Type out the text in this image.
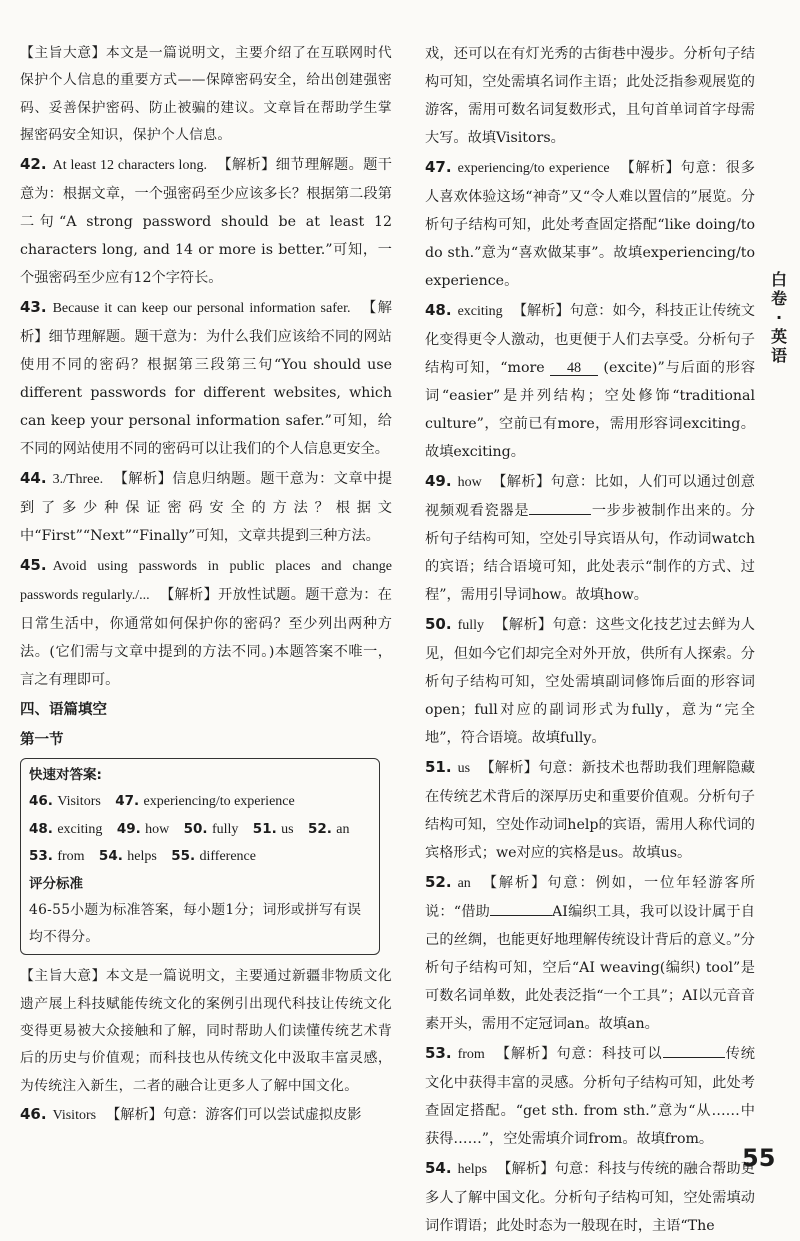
【主旨大意】本文是一篇说明文，主要介绍了在互联网时代保护个人信息的重要方式——保障密码安全，给出创建强密码、妥善保护密码、防止被骗的建议。文章旨在帮助学生掌握密码安全知识，保护个人信息。
42. At least 12 characters long. 【解析】细节理解题。题干意为：根据文章，一个强密码至少应该多长？根据第二段第二句“A strong password should be at least 12 characters long, and 14 or more is better.”可知，一个强密码至少应有12个字符长。
43. Because it can keep our personal information safer. 【解析】细节理解题。题干意为：为什么我们应该给不同的网站使用不同的密码？根据第三段第三句“You should use different passwords for different websites, which can keep your personal information safer.”可知，给不同的网站使用不同的密码可以让我们的个人信息更安全。
44. 3./Three. 【解析】信息归纳题。题干意为：文章中提到了多少种保证密码安全的方法？根据文中“First”“Next”“Finally”可知，文章共提到三种方法。
45. Avoid using passwords in public places and change passwords regularly./... 【解析】开放性试题。题干意为：在日常生活中，你通常如何保护你的密码？至少列出两种方法。(它们需与文章中提到的方法不同。)本题答案不唯一，言之有理即可。
四、语篇填空
第一节
快速对答案:
46. Visitors 47. experiencing/to experience
48. exciting 49. how 50. fully 51. us 52. an
53. from 54. helps 55. difference
评分标准
46-55小题为标准答案，每小题1分；词形或拼写有误均不得分。
【主旨大意】本文是一篇说明文，主要通过新疆非物质文化遗产展上科技赋能传统文化的案例引出现代科技让传统文化变得更易被大众接触和了解，同时帮助人们读懂传统艺术背后的历史与价值观；而科技也从传统文化中汲取丰富灵感，为传统注入新生，二者的融合让更多人了解中国文化。
46. Visitors 【解析】句意：游客们可以尝试虚拟皮影
戏，还可以在有灯光秀的古街巷中漫步。分析句子结构可知，空处需填名词作主语；此处泛指参观展览的游客，需用可数名词复数形式，且句首单词首字母需大写。故填Visitors。
47. experiencing/to experience 【解析】句意：很多人喜欢体验这场“神奇”又“令人难以置信的”展览。分析句子结构可知，此处考查固定搭配“like doing/to do sth.”意为“喜欢做某事”。故填experiencing/to experience。
48. exciting 【解析】句意：如今，科技正让传统文化变得更令人激动，也更便于人们去享受。分析句子结构可知，“more 48 (excite)”与后面的形容词“easier”是并列结构；空处修饰“traditional culture”，空前已有more，需用形容词exciting。故填exciting。
49. how 【解析】句意：比如，人们可以通过创意视频观看瓷器是	一步步被制作出来的。分析句子结构可知，空处引导宾语从句，作动词watch的宾语；结合语境可知，此处表示“制作的方式、过程”，需用引导词how。故填how。
50. fully 【解析】句意：这些文化技艺过去鲜为人见，但如今它们却完全对外开放，供所有人探索。分析句子结构可知，空处需填副词修饰后面的形容词open；full对应的副词形式为fully，意为“完全地”，符合语境。故填fully。
51. us 【解析】句意：新技术也帮助我们理解隐藏在传统艺术背后的深厚历史和重要价值观。分析句子结构可知，空处作动词help的宾语，需用人称代词的宾格形式；we对应的宾格是us。故填us。
52. an 【解析】句意：例如，一位年轻游客所说：“借助	AI编织工具，我可以设计属于自己的丝绸，也能更好地理解传统设计背后的意义。”分析句子结构可知，空后“AI weaving(编织) tool”是可数名词单数，此处表泛指“一个工具”；AI以元音音素开头，需用不定冠词an。故填an。
53. from 【解析】句意：科技可以	传统文化中获得丰富的灵感。分析句子结构可知，此处考查固定搭配。“get sth. from sth.”意为“从……中获得……”，空处需填介词from。故填from。
54. helps 【解析】句意：科技与传统的融合帮助更多人了解中国文化。分析句子结构可知，空处需填动词作谓语；此处时态为一般现在时，主语“The
白
卷
·
英
语
55
